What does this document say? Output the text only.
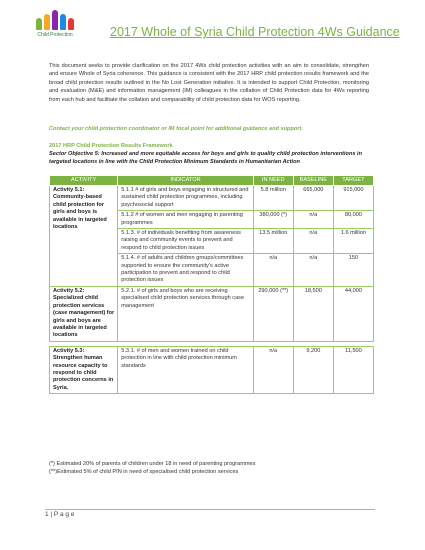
Child Protection	2017 Whole of Syria Child Protection 4Ws Guidance
This document seeks to provide clarification on the 2017 4Ws child protection activities with an aim to consolidate, strengthen and ensure Whole of Syria coherence. This guidance is consistent with the 2017 HRP child protection results framework and the broad child protection results outlined in the No Lost Generation initiative. It is intended to support Child Protection, monitoring and evaluation (M&E) and information management (IM) colleagues in the collation of Child Protection data for 4Ws reporting from each hub and facilitate the collation and comparability of child protection data for WOS reporting.
Contact your child protection coordinator or IM focal point for additional guidance and support.
2017 HRP Child Protection Results Framework
Sector Objective 5: Increased and more equitable access for boys and girls to quality child protection interventions in targeted locations in line with the Child Protection Minimum Standards in Humanitarian Action
ACTIVITY	INDICATOR	IN NEED	BASELINE	TARGET
Activity 5.1: Community-based child protection for girls and boys is available in targeted locations	5.1.1 # of girls and boys engaging in structured and sustained child protection programmes, including psychosocial support	5.8 million	665,000	915,000
	5.1.2 # of women and men engaging in parenting programmes	380,000 (*)	n/a	80,000
	5.1.3. # of individuals benefiting from awareness raising and community events to prevent and respond to child protection issues	13.5 million	n/a	1.6 million
	5.1.4. # of adults and children groups/committees supported to ensure the community's active participation to prevent and respond to child protection issues	n/a	n/a	150
Activity 5.2: Specialized child protection services (case management) for girls and boys are available in targeted locations	5.2.1. # of girls and boys who are receiving specialised child protection services through case management	290,000 (**)	18,500	44,000

Activity 5.3: Strengthen human resource capacity to respond to child protection concerns in Syria.	5.3.1. # of men and women trained on child protection in line with child protection minimum standards	n/a	9,200	11,500
(*) Estimated 20% of parents of children under 18 in need of parenting programmes
(**)Estimated 5% of child PIN in need of specialised child protection services
1 | P a g e
